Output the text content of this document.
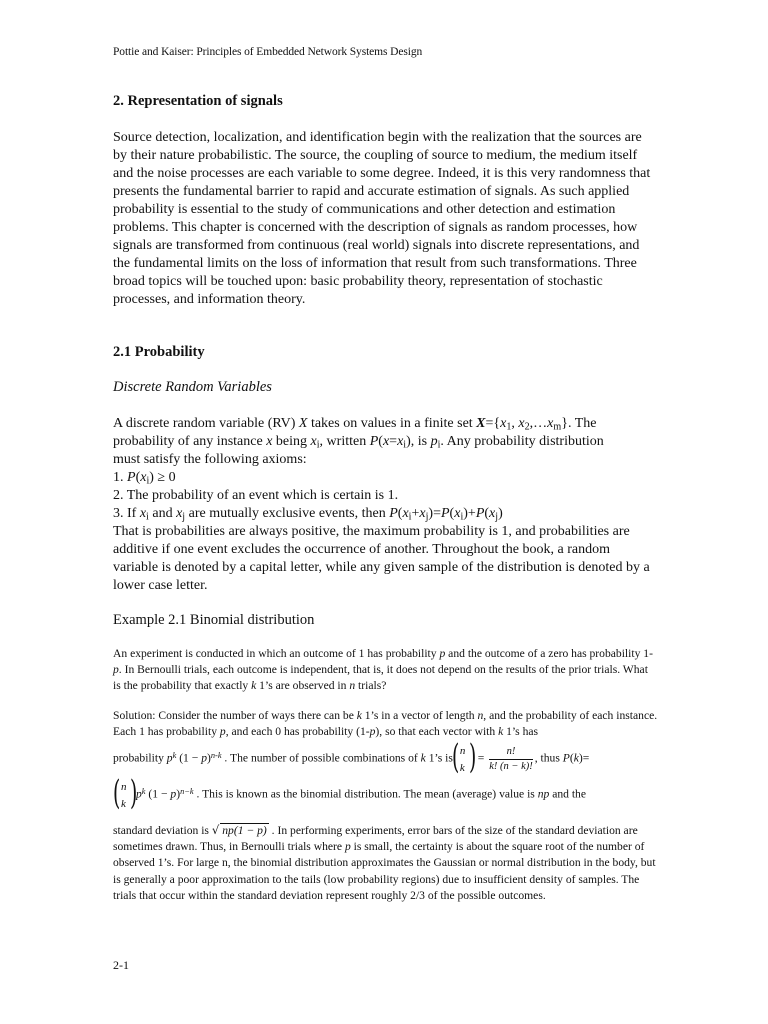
Pottie and Kaiser: Principles of Embedded Network Systems Design
2. Representation of signals
Source detection, localization, and identification begin with the realization that the sources are by their nature probabilistic. The source, the coupling of source to medium, the medium itself and the noise processes are each variable to some degree. Indeed, it is this very randomness that presents the fundamental barrier to rapid and accurate estimation of signals. As such applied probability is essential to the study of communications and other detection and estimation problems. This chapter is concerned with the description of signals as random processes, how signals are transformed from continuous (real world) signals into discrete representations, and the fundamental limits on the loss of information that result from such transformations. Three broad topics will be touched upon: basic probability theory, representation of stochastic processes, and information theory.
2.1 Probability
Discrete Random Variables
A discrete random variable (RV) X takes on values in a finite set $X=\{x_1$, $x_2,\dots x_m$}. The
probability of any instance x being $x_i$, written $P(x=x_i)$, is $p_i$. Any probability distribution
must satisfy the following axioms:
1. $P(x_i) \ge 0$
2. The probability of an event which is certain is 1.
3. If $x_i$ and $x_j$ are mutually exclusive events, then $P(x_i+x_j)=P(x_i)+P(x_j)$
That is probabilities are always positive, the maximum probability is 1, and probabilities are additive if one event excludes the occurrence of another. Throughout the book, a random variable is denoted by a capital letter, while any given sample of the distribution is denoted by a lower case letter.
Example 2.1 Binomial distribution
An experiment is conducted in which an outcome of 1 has probability p and the outcome of a zero has probability 1-p. In Bernoulli trials, each outcome is independent, that is, it does not depend on the results of the prior trials. What is the probability that exactly k 1’s are observed in n trials?
Solution: Consider the number of ways there can be k 1’s in a vector of length n, and the probability of each instance. Each 1 has probability p, and each 0 has probability (1-p), so that each vector with k 1’s has
probability $p^k$ $(1 - p)^{n-k}$ . The number of possible combinations of k 1’s is
( n
k )
= $\frac{n!}{k! (n - k)!}$ , thus P(k)=
( n
k )
$p^k$ $(1 - p)^{n-k}$ . This is known as the binomial distribution. The mean (average) value is np and the
standard deviation is √ np(1 − p) . In performing experiments, error bars of the size of the standard deviation are sometimes drawn. Thus, in Bernoulli trials where p is small, the certainty is about the square root of the number of observed 1’s. For large n, the binomial distribution approximates the Gaussian or normal distribution in the body, but is generally a poor approximation to the tails (low probability regions) due to insufficient density of samples. The trials that occur within the standard deviation represent roughly 2/3 of the possible outcomes.
2-1
